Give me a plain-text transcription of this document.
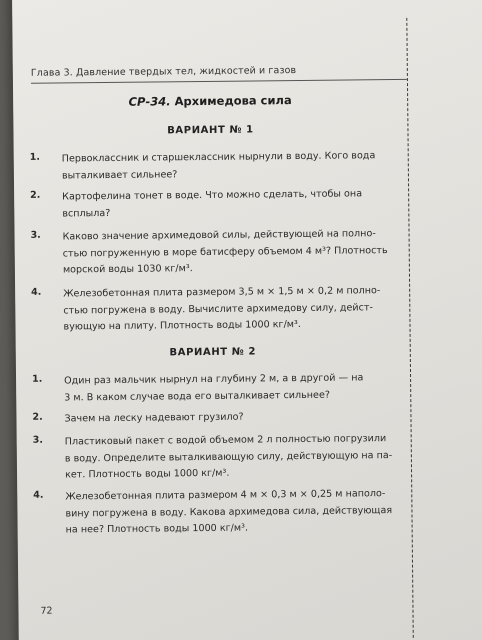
Глава 3. Давление твердых тел, жидкостей и газов
СР-34. Архимедова сила
ВАРИАНТ № 1
1. Первоклассник и старшеклассник нырнули в воду. Кого вода
выталкивает сильнее?
2. Картофелина тонет в воде. Что можно сделать, чтобы она
всплыла?
3. Каково значение архимедовой силы, действующей на полно-
стью погруженную в море батисферу объемом 4 м³? Плотность
морской воды 1030 кг/м³.
4. Железобетонная плита размером 3,5 м × 1,5 м × 0,2 м полно-
стью погружена в воду. Вычислите архимедову силу, дейст-
вующую на плиту. Плотность воды 1000 кг/м³.
ВАРИАНТ № 2
1. Один раз мальчик нырнул на глубину 2 м, а в другой — на
3 м. В каком случае вода его выталкивает сильнее?
2. Зачем на леску надевают грузило?
3. Пластиковый пакет с водой объемом 2 л полностью погрузили
в воду. Определите выталкивающую силу, действующую на па-
кет. Плотность воды 1000 кг/м³.
4. Железобетонная плита размером 4 м × 0,3 м × 0,25 м наполо-
вину погружена в воду. Какова архимедова сила, действующая
на нее? Плотность воды 1000 кг/м³.
72
